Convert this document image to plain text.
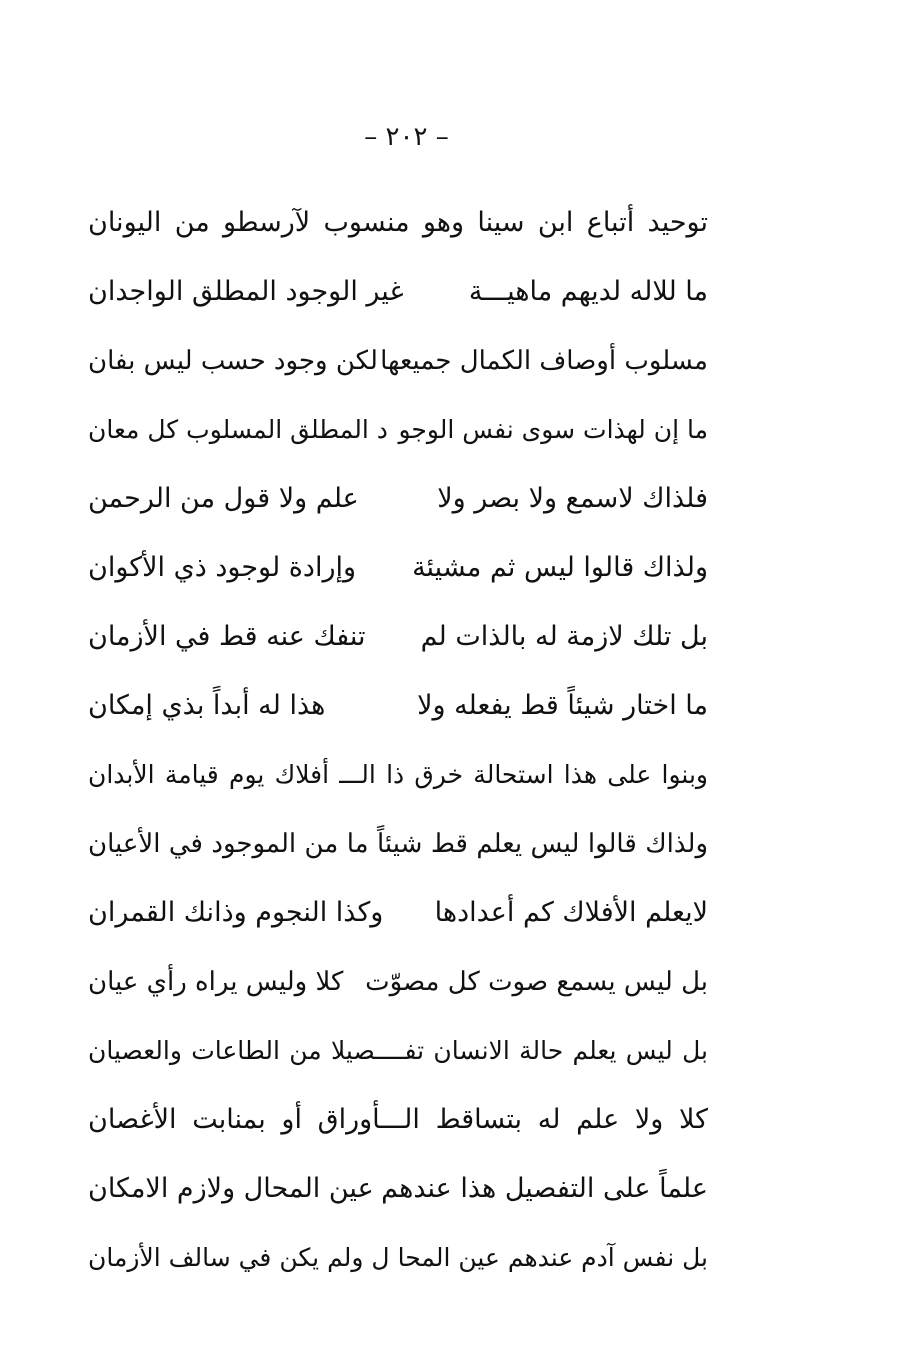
– ٢٠٢ –
توحيد أتباع ابن سينا وهو منسوب لآرسطو من اليونان
ما للاله لديهم ماهيـــة
غير الوجود المطلق الواجدان
مسلوب أوصاف الكمال جميعها
لكن وجود حسب ليس بفان
ما إن لهذات سوى نفس الوجو
د المطلق المسلوب كل معان
فلذاك لاسمع ولا بصر ولا
علم ولا قول من الرحمن
ولذاك قالوا ليس ثم مشيئة
وإرادة لوجود ذي الأكوان
بل تلك لازمة له بالذات لم
تنفك عنه قط في الأزمان
ما اختار شيئاً قط يفعله ولا
هذا له أبداً بذي إمكان
وبنوا على هذا استحالة خرق ذا الـــ أفلاك يوم قيامة الأبدان
ولذاك قالوا ليس يعلم قط شيئاً ما من الموجود في الأعيان
لايعلم الأفلاك كم أعدادها
وكذا النجوم وذانك القمران
بل ليس يسمع صوت كل مصوّت
كلا وليس يراه رأي عيان
بل ليس يعلم حالة الانسان تفــــصيلا من الطاعات والعصيان
كلا ولا علم له بتساقط الـــأوراق أو بمنابت الأغصان
علماً على التفصيل هذا عندهم
عين المحال ولازم الامكان
بل نفس آدم عندهم عين المحا
ل ولم يكن في سالف الأزمان
